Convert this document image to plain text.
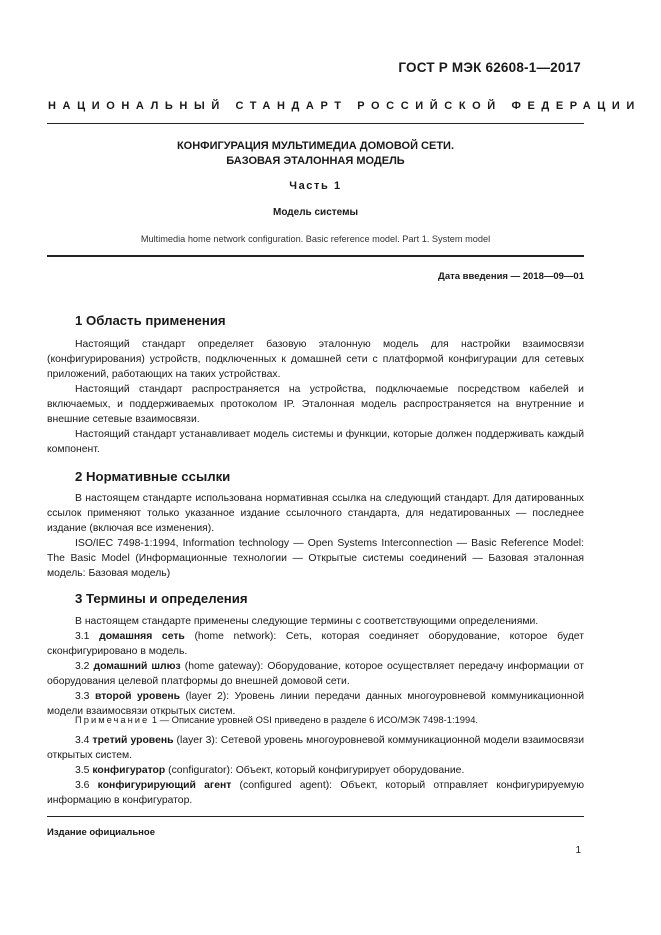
ГОСТ Р МЭК 62608-1—2017
НАЦИОНАЛЬНЫЙ СТАНДАРТ РОССИЙСКОЙ ФЕДЕРАЦИИ
КОНФИГУРАЦИЯ МУЛЬТИМЕДИА ДОМОВОЙ СЕТИ.
БАЗОВАЯ ЭТАЛОННАЯ МОДЕЛЬ
Часть 1
Модель системы
Multimedia home network configuration. Basic reference model. Part 1. System model
Дата введения — 2018—09—01
1 Область применения

Настоящий стандарт определяет базовую эталонную модель для настройки взаимосвязи (конфигурирования) устройств, подключенных к домашней сети с платформой конфигурации для сетевых приложений, работающих на таких устройствах.

Настоящий стандарт распространяется на устройства, подключаемые посредством кабелей и включаемых, и поддерживаемых протоколом IP. Эталонная модель распространяется на внутренние и внешние сетевые взаимосвязи.

Настоящий стандарт устанавливает модель системы и функции, которые должен поддерживать каждый компонент.

2 Нормативные ссылки

В настоящем стандарте использована нормативная ссылка на следующий стандарт. Для датированных ссылок применяют только указанное издание ссылочного стандарта, для недатированных — последнее издание (включая все изменения).

ISO/IEC 7498-1:1994, Information technology — Open Systems Interconnection — Basic Reference Model: The Basic Model (Информационные технологии — Открытые системы соединений — Базовая эталонная модель: Базовая модель)

3 Термины и определения

В настоящем стандарте применены следующие термины с соответствующими определениями.

3.1 домашняя сеть (home network): Сеть, которая соединяет оборудование, которое будет сконфигурировано в модель.

3.2 домашний шлюз (home gateway): Оборудование, которое осуществляет передачу информации от оборудования целевой платформы до внешней домовой сети.

3.3 второй уровень (layer 2): Уровень линии передачи данных многоуровневой коммуникационной модели взаимосвязи открытых систем.

Примечание 1 — Описание уровней OSI приведено в разделе 6 ИСО/МЭК 7498-1:1994.

3.4 третий уровень (layer 3): Сетевой уровень многоуровневой коммуникационной модели взаимосвязи открытых систем.

3.5 конфигуратор (configurator): Объект, который конфигурирует оборудование.

3.6 конфигурирующий агент (configured agent): Объект, который отправляет конфигурируемую информацию в конфигуратор.

Издание официальное
1
